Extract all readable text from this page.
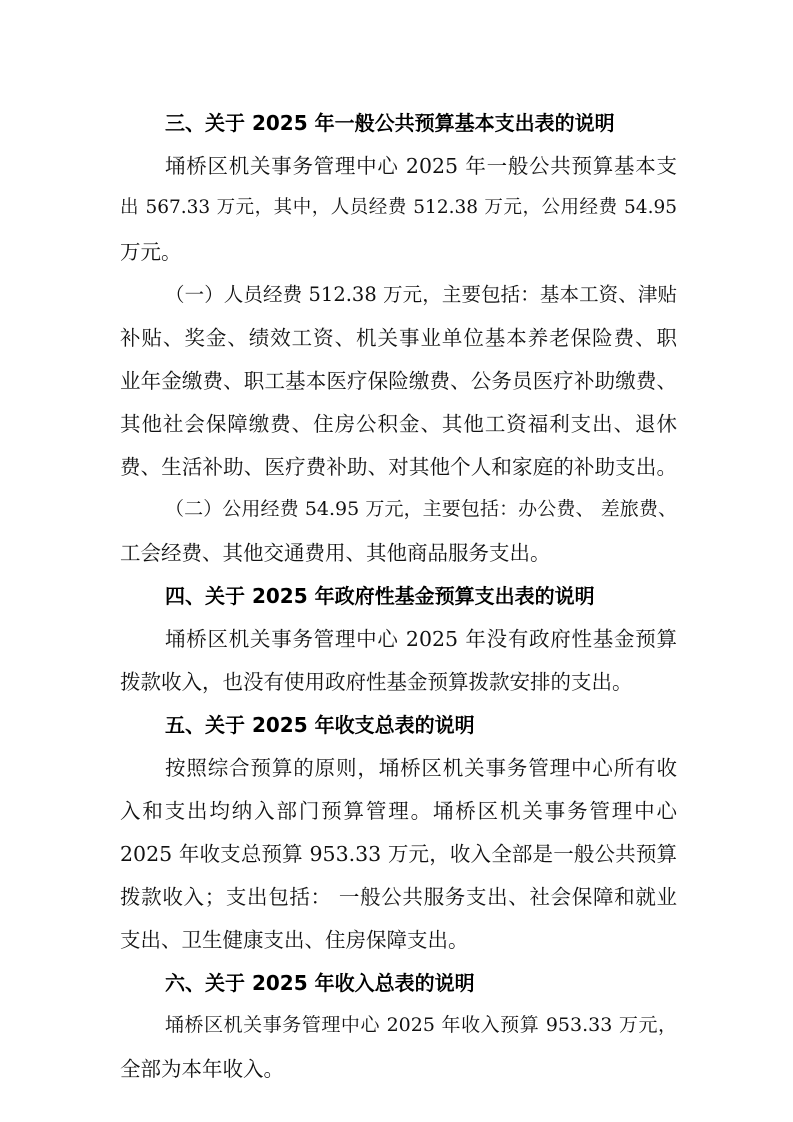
三、关于 2025 年一般公共预算基本支出表的说明
埇桥区机关事务管理中心 2025 年一般公共预算基本支
出 567.33 万元，其中，人员经费 512.38 万元，公用经费 54.95
万元。
（一）人员经费 512.38 万元，主要包括：基本工资、津贴
补贴、奖金、绩效工资、机关事业单位基本养老保险费、职
业年金缴费、职工基本医疗保险缴费、公务员医疗补助缴费、
其他社会保障缴费、住房公积金、其他工资福利支出、退休
费、生活补助、医疗费补助、对其他个人和家庭的补助支出。
（二）公用经费 54.95 万元，主要包括：办公费、 差旅费、
工会经费、其他交通费用、其他商品服务支出。
四、关于 2025 年政府性基金预算支出表的说明
埇桥区机关事务管理中心 2025 年没有政府性基金预算
拨款收入，也没有使用政府性基金预算拨款安排的支出。
五、关于 2025 年收支总表的说明
按照综合预算的原则，埇桥区机关事务管理中心所有收
入和支出均纳入部门预算管理。埇桥区机关事务管理中心
2025 年收支总预算 953.33 万元，收入全部是一般公共预算
拨款收入；支出包括： 一般公共服务支出、社会保障和就业
支出、卫生健康支出、住房保障支出。
六、关于 2025 年收入总表的说明
埇桥区机关事务管理中心 2025 年收入预算 953.33 万元，
全部为本年收入。
